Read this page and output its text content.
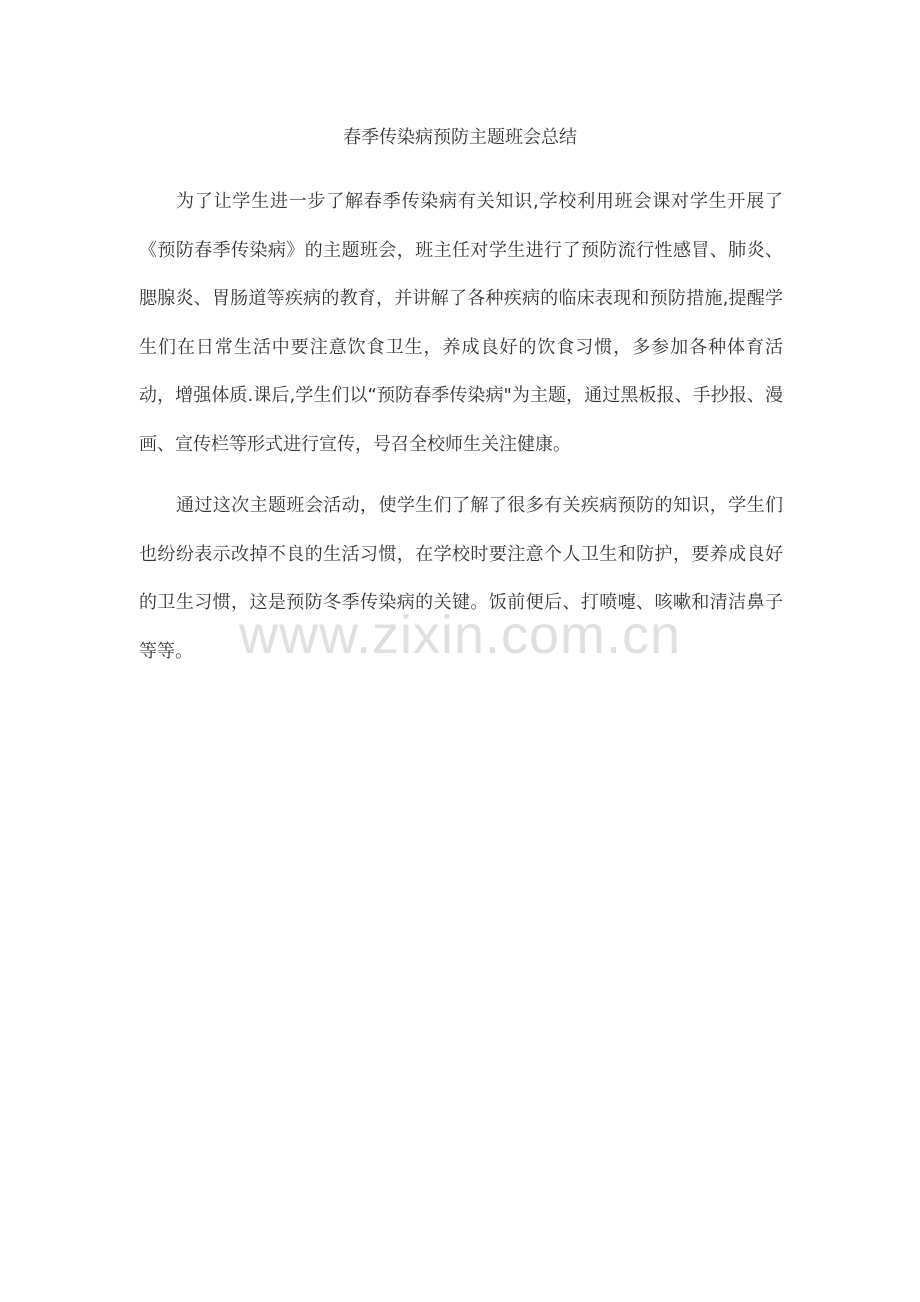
春季传染病预防主题班会总结

为了让学生进一步了解春季传染病有关知识,学校利用班会课对学生开展了《预防春季传染病》的主题班会，班主任对学生进行了预防流行性感冒、肺炎、腮腺炎、胃肠道等疾病的教育，并讲解了各种疾病的临床表现和预防措施,提醒学生们在日常生活中要注意饮食卫生，养成良好的饮食习惯，多参加各种体育活动，增强体质.课后,学生们以“预防春季传染病"为主题，通过黑板报、手抄报、漫画、宣传栏等形式进行宣传，号召全校师生关注健康。

通过这次主题班会活动，使学生们了解了很多有关疾病预防的知识，学生们也纷纷表示改掉不良的生活习惯，在学校时要注意个人卫生和防护，要养成良好的卫生习惯，这是预防冬季传染病的关键。饭前便后、打喷嚏、咳嗽和清洁鼻子等等。 www.zixin.com.cn
